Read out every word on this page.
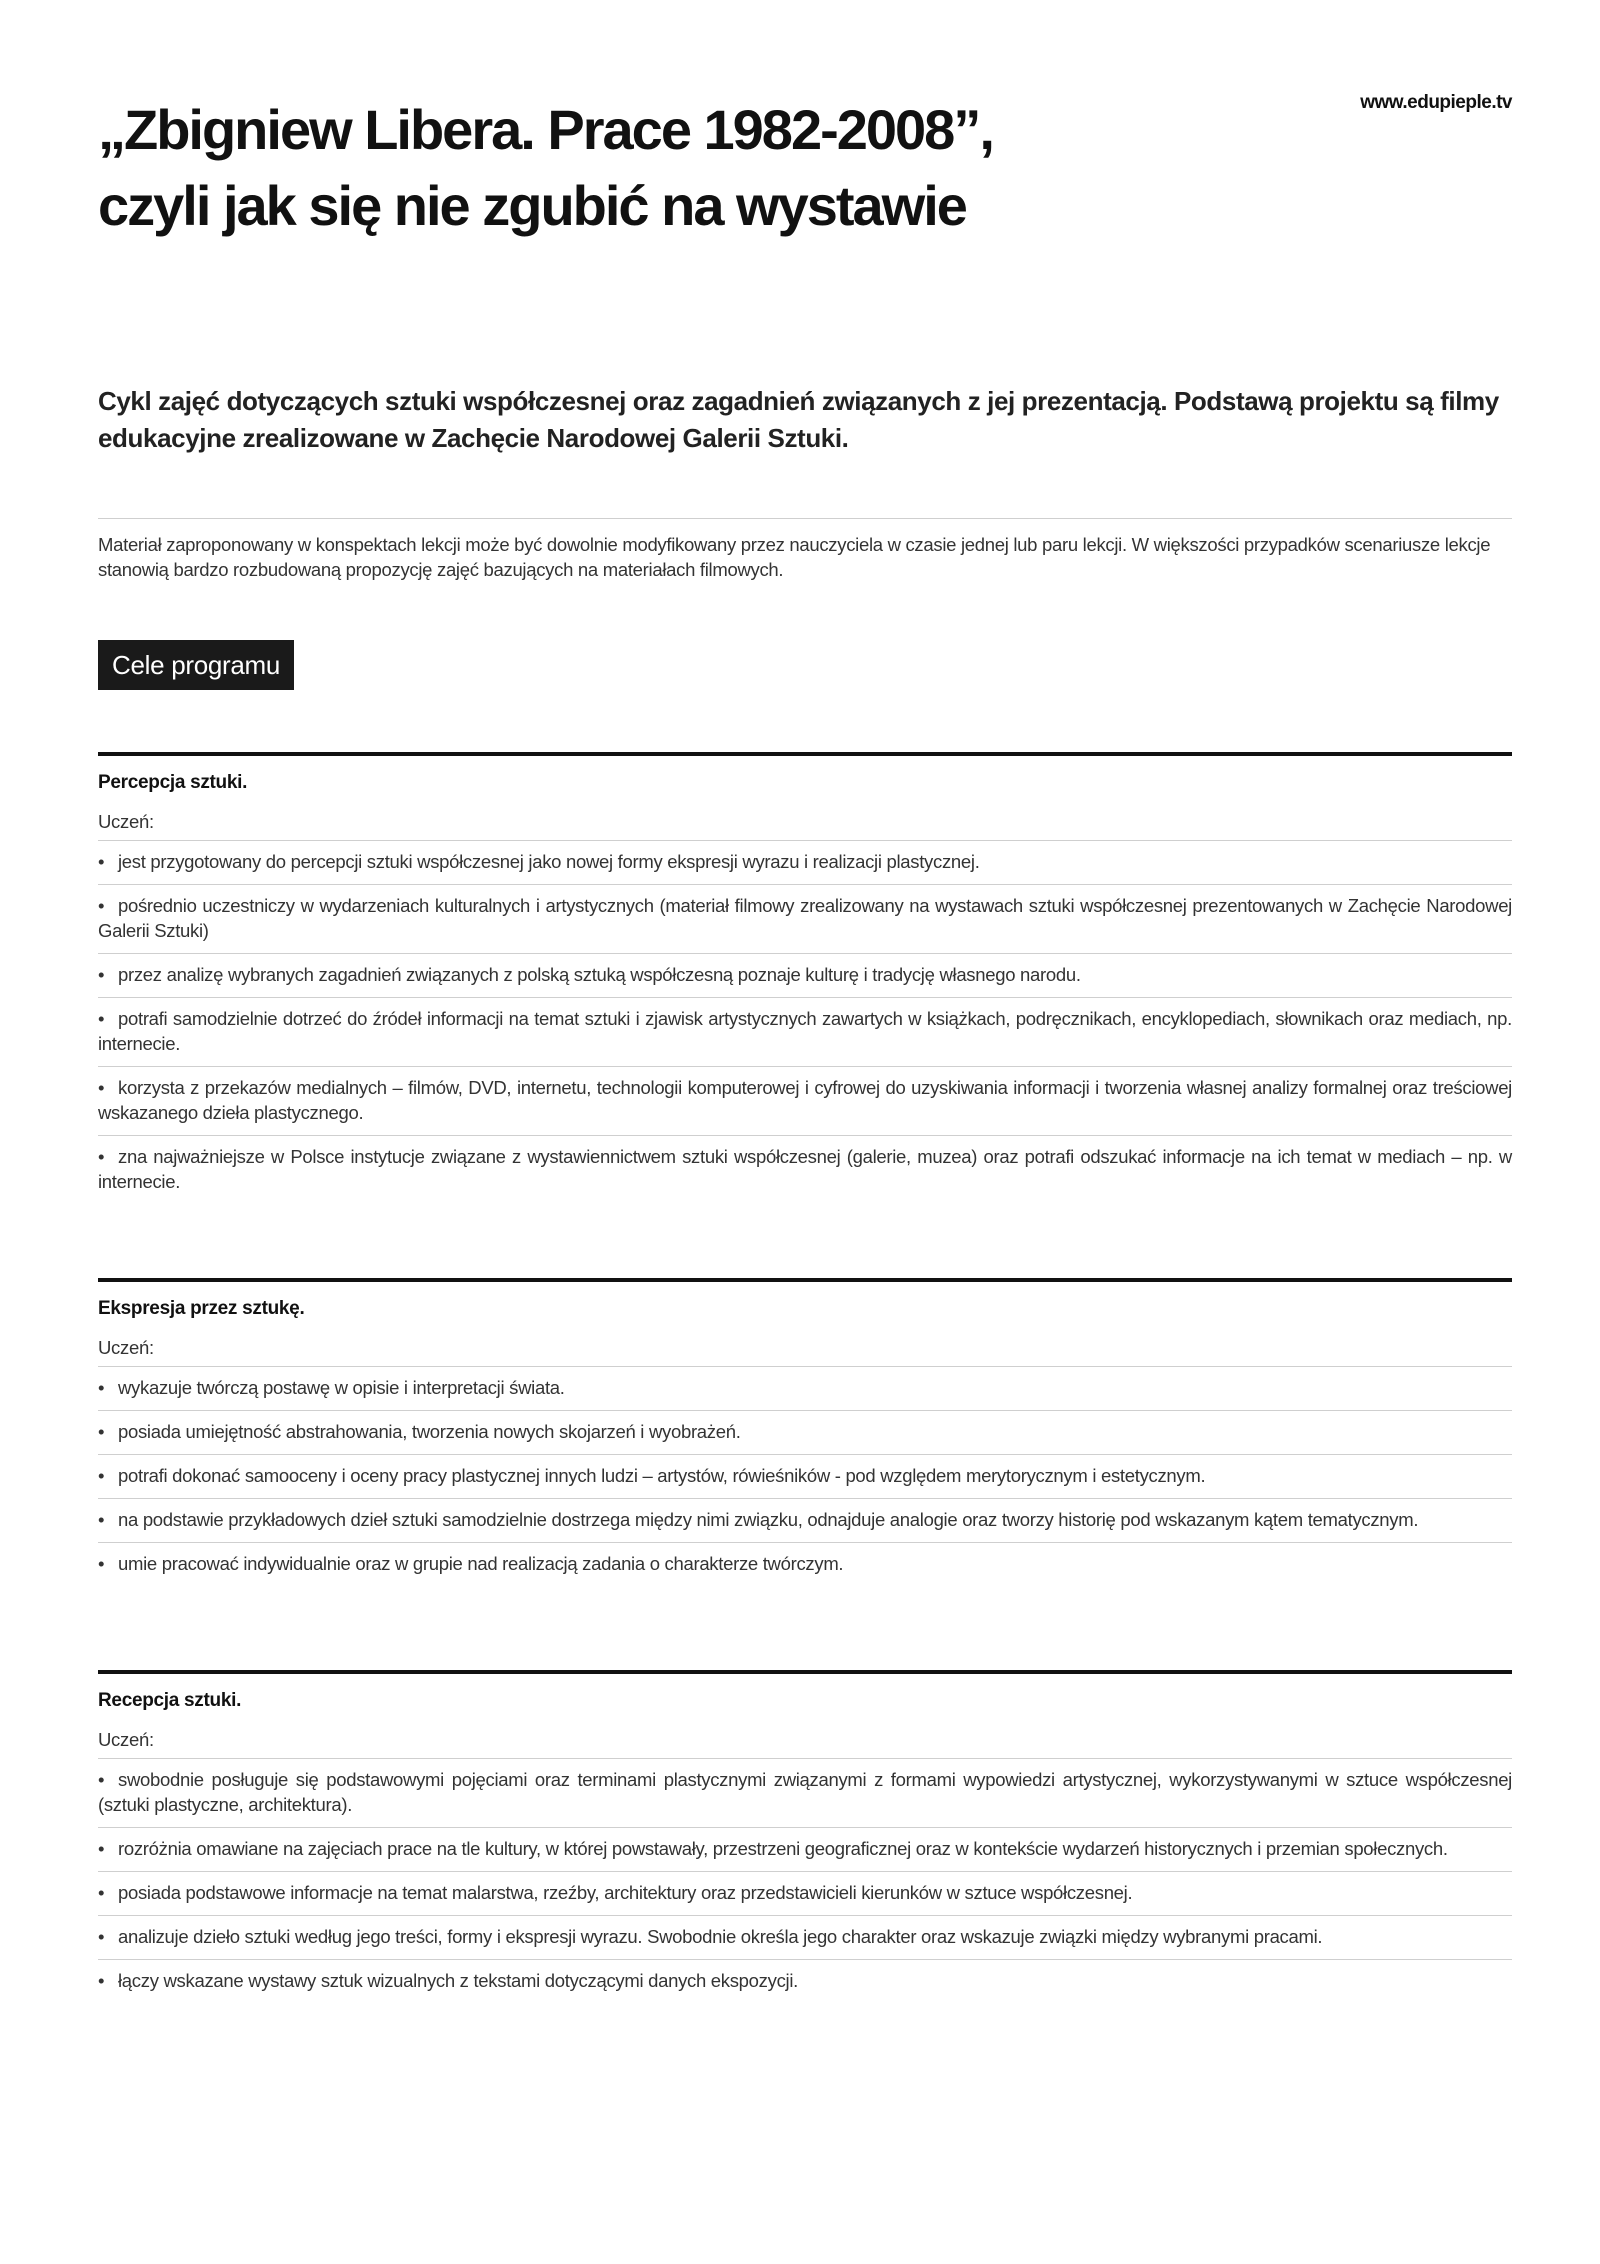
www.edupieple.tv
„Zbigniew Libera. Prace 1982-2008”,
czyli jak się nie zgubić na wystawie

Cykl zajęć dotyczących sztuki współczesnej oraz zagadnień związanych z jej prezentacją. Podstawą projektu są filmy edukacyjne zrealizowane w Zachęcie Narodowej Galerii Sztuki.

Materiał zaproponowany w konspektach lekcji może być dowolnie modyfikowany przez nauczyciela w czasie jednej lub paru lekcji. W większości przypadków scenariusze lekcje stanowią bardzo rozbudowaną propozycję zajęć bazujących na materiałach filmowych.

Cele programu
Percepcja sztuki.
Uczeń:
• jest przygotowany do percepcji sztuki współczesnej jako nowej formy ekspresji wyrazu i realizacji plastycznej.
• pośrednio uczestniczy w wydarzeniach kulturalnych i artystycznych (materiał filmowy zrealizowany na wystawach sztuki współczesnej prezentowanych w Zachęcie Narodowej Galerii Sztuki)
• przez analizę wybranych zagadnień związanych z polską sztuką współczesną poznaje kulturę i tradycję własnego narodu.
• potrafi samodzielnie dotrzeć do źródeł informacji na temat sztuki i zjawisk artystycznych zawartych w książkach, podręcznikach, encyklopediach, słownikach oraz mediach, np. internecie.
• korzysta z przekazów medialnych – filmów, DVD, internetu, technologii komputerowej i cyfrowej do uzyskiwania informacji i tworzenia własnej analizy formalnej oraz treściowej wskazanego dzieła plastycznego.
• zna najważniejsze w Polsce instytucje związane z wystawiennictwem sztuki współczesnej (galerie, muzea) oraz potrafi odszukać informacje na ich temat w mediach – np. w internecie.
Ekspresja przez sztukę.
Uczeń:
• wykazuje twórczą postawę w opisie i interpretacji świata.
• posiada umiejętność abstrahowania, tworzenia nowych skojarzeń i wyobrażeń.
• potrafi dokonać samooceny i oceny pracy plastycznej innych ludzi – artystów, rówieśników - pod względem merytorycznym i estetycznym.
• na podstawie przykładowych dzieł sztuki samodzielnie dostrzega między nimi związku, odnajduje analogie oraz tworzy historię pod wskazanym kątem tematycznym.
• umie pracować indywidualnie oraz w grupie nad realizacją zadania o charakterze twórczym.
Recepcja sztuki.
Uczeń:
• swobodnie posługuje się podstawowymi pojęciami oraz terminami plastycznymi związanymi z formami wypowiedzi artystycznej, wykorzystywanymi w sztuce współczesnej (sztuki plastyczne, architektura).
• rozróżnia omawiane na zajęciach prace na tle kultury, w której powstawały, przestrzeni geograficznej oraz w kontekście wydarzeń historycznych i przemian społecznych.
• posiada podstawowe informacje na temat malarstwa, rzeźby, architektury oraz przedstawicieli kierunków w sztuce współczesnej.
• analizuje dzieło sztuki według jego treści, formy i ekspresji wyrazu. Swobodnie określa jego charakter oraz wskazuje związki między wybranymi pracami.
• łączy wskazane wystawy sztuk wizualnych z tekstami dotyczącymi danych ekspozycji.
